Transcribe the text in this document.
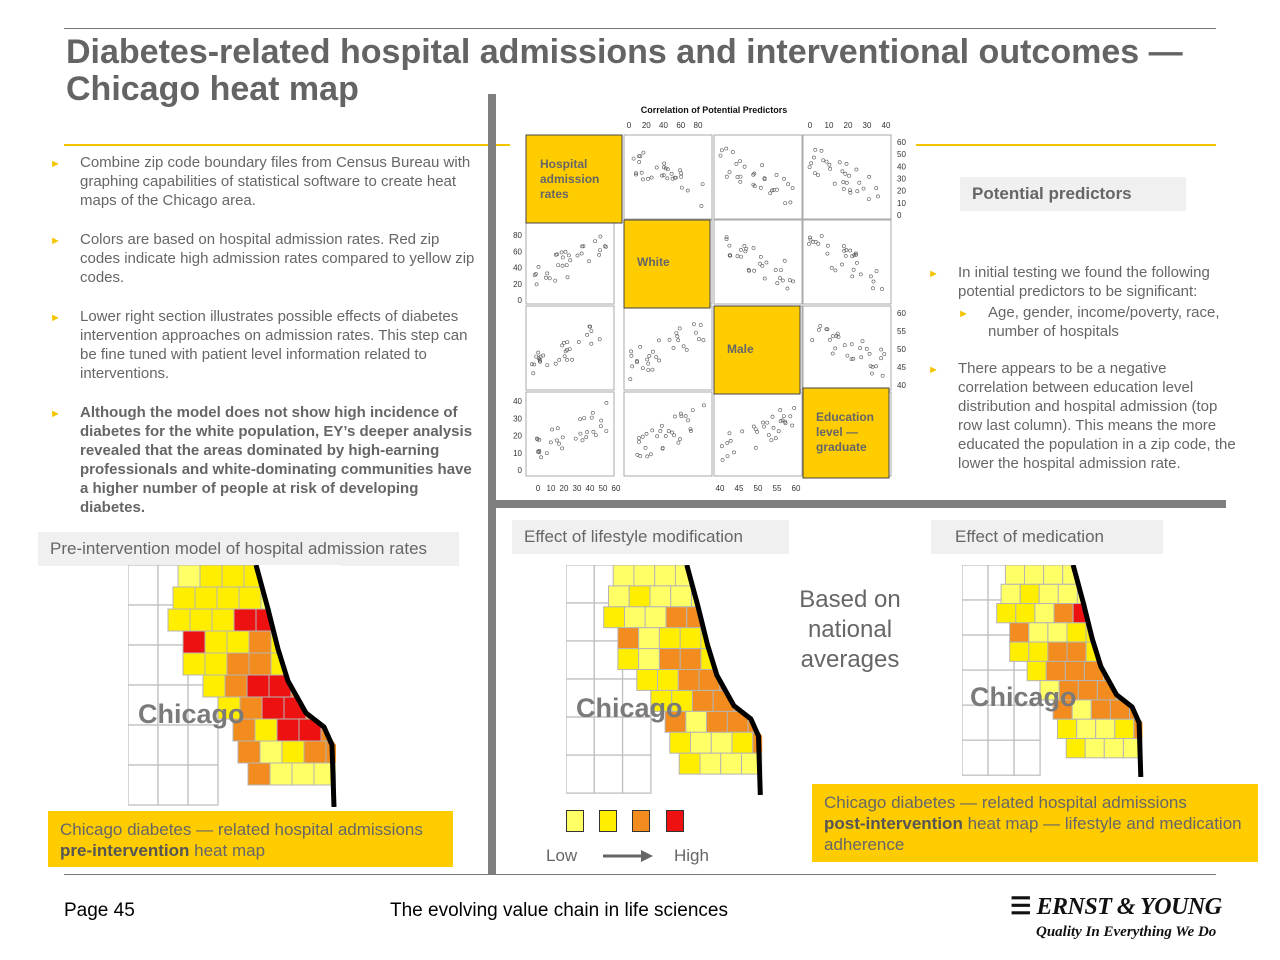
Diabetes-related hospital admissions and interventional outcomes — Chicago heat map
► Combine zip code boundary files from Census Bureau with graphing capabilities of statistical software to create heat maps of the Chicago area.
► Colors are based on hospital admission rates. Red zip codes indicate high admission rates compared to yellow zip codes.
► Lower right section illustrates possible effects of diabetes intervention approaches on admission rates. This step can be fine tuned with patient level information related to interventions.
► Although the model does not show high incidence of diabetes for the white population, EY’s deeper analysis revealed that the areas dominated by high-earning professionals and white-dominating communities have a higher number of people at risk of developing diabetes.
Correlation of Potential Predictors
0 20 40 60 80	0 10 20 30 40
60
50
40
30
20
10
0
60
55
50
45
40
80
60
40
20
0
40
30
20
10
0
0 10 20 30 40 50 60	40 45 50 55 60
Hospital admission rates
White
Male
Education level — graduate
Potential predictors
► In initial testing we found the following potential predictors to be significant:
► Age, gender, income/poverty, race, number of hospitals
► There appears to be a negative correlation between education level distribution and hospital admission (top row last column). This means the more educated the population in a zip code, the lower the hospital admission rate.
Pre-intervention model of hospital admission rates
Effect of lifestyle modification	Effect of medication
Chicago	Chicago	Chicago
Based on national averages
Chicago diabetes — related hospital admissions
pre-intervention heat map
Chicago diabetes — related hospital admissions
post-intervention heat map — lifestyle and medication adherence
Low	High
Page 45	The evolving value chain in life sciences	☰ ERNST & YOUNG
Quality In Everything We Do
